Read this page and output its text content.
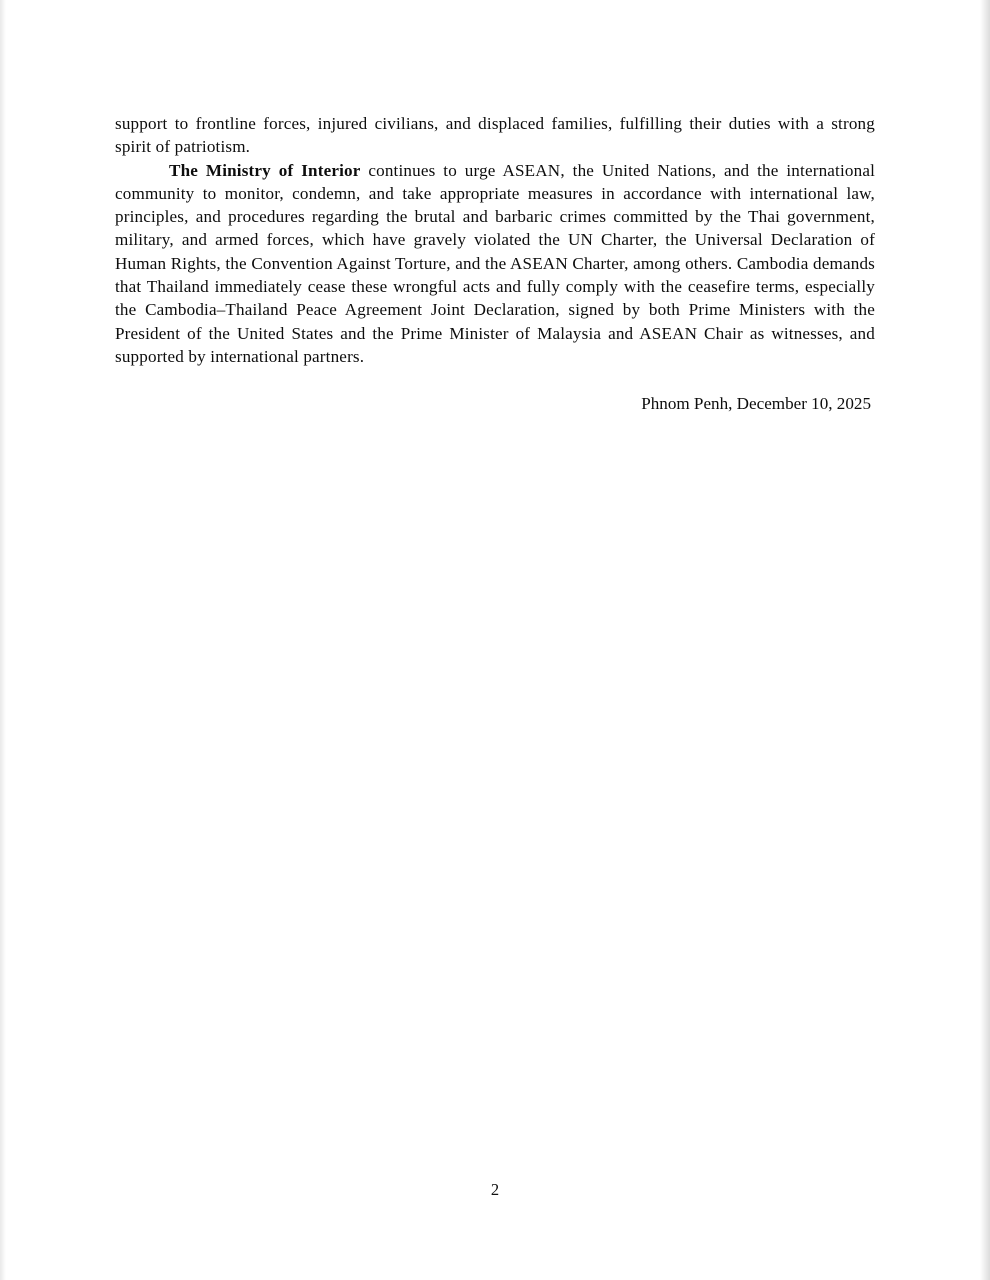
support to frontline forces, injured civilians, and displaced families, fulfilling their duties with a strong spirit of patriotism.

The Ministry of Interior continues to urge ASEAN, the United Nations, and the international community to monitor, condemn, and take appropriate measures in accordance with international law, principles, and procedures regarding the brutal and barbaric crimes committed by the Thai government, military, and armed forces, which have gravely violated the UN Charter, the Universal Declaration of Human Rights, the Convention Against Torture, and the ASEAN Charter, among others. Cambodia demands that Thailand immediately cease these wrongful acts and fully comply with the ceasefire terms, especially the Cambodia–Thailand Peace Agreement Joint Declaration, signed by both Prime Ministers with the President of the United States and the Prime Minister of Malaysia and ASEAN Chair as witnesses, and supported by international partners.

Phnom Penh, December 10, 2025

2
